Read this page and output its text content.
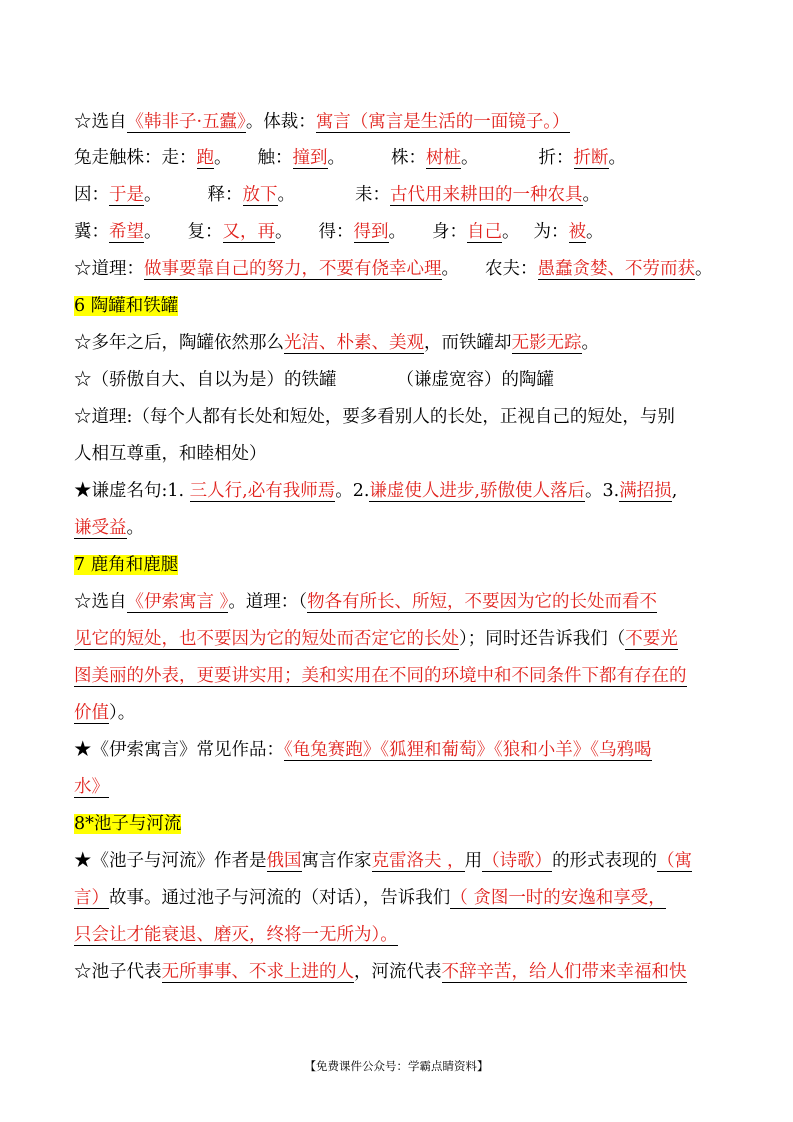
☆选自《韩非子·五蠹》。体裁：寓言（寓言是生活的一面镜子。）
兔走触株：走：跑。 触：撞到。	株：树桩。	折：折断。
因：于是。	释：放下。	耒：古代用来耕田的一种农具。
冀：希望。 复：又，再。 得：得到。 身：自己。 为：被。
☆道理：做事要靠自己的努力，不要有侥幸心理。 农夫：愚蠢贪婪、不劳而获。
6 陶罐和铁罐
☆多年之后，陶罐依然那么光洁、朴素、美观，而铁罐却无影无踪。
☆（骄傲自大、自以为是）的铁罐	（谦虚宽容）的陶罐
☆道理:（每个人都有长处和短处，要多看别人的长处，正视自己的短处，与别
人相互尊重，和睦相处）
★谦虚名句:1. 三人行,必有我师焉。2.谦虚使人进步,骄傲使人落后。3.满招损,
谦受益。
7 鹿角和鹿腿
☆选自《伊索寓言 》。道理：（物各有所长、所短，不要因为它的长处而看不
见它的短处，也不要因为它的短处而否定它的长处）；同时还告诉我们（不要光
图美丽的外表，更要讲实用；美和实用在不同的环境中和不同条件下都有存在的
价值）。
★《伊索寓言》常见作品：《龟兔赛跑》《狐狸和葡萄》《狼和小羊》《乌鸦喝
水》
8*池子与河流
★《池子与河流》作者是俄国寓言作家克雷洛夫 ，用（诗歌）的形式表现的（寓
言）故事。通过池子与河流的（对话），告诉我们（ 贪图一时的安逸和享受，
只会让才能衰退、磨灭，终将一无所为）。
☆池子代表无所事事、不求上进的人，河流代表不辞辛苦，给人们带来幸福和快
【免费课件公众号：学霸点睛资料】
